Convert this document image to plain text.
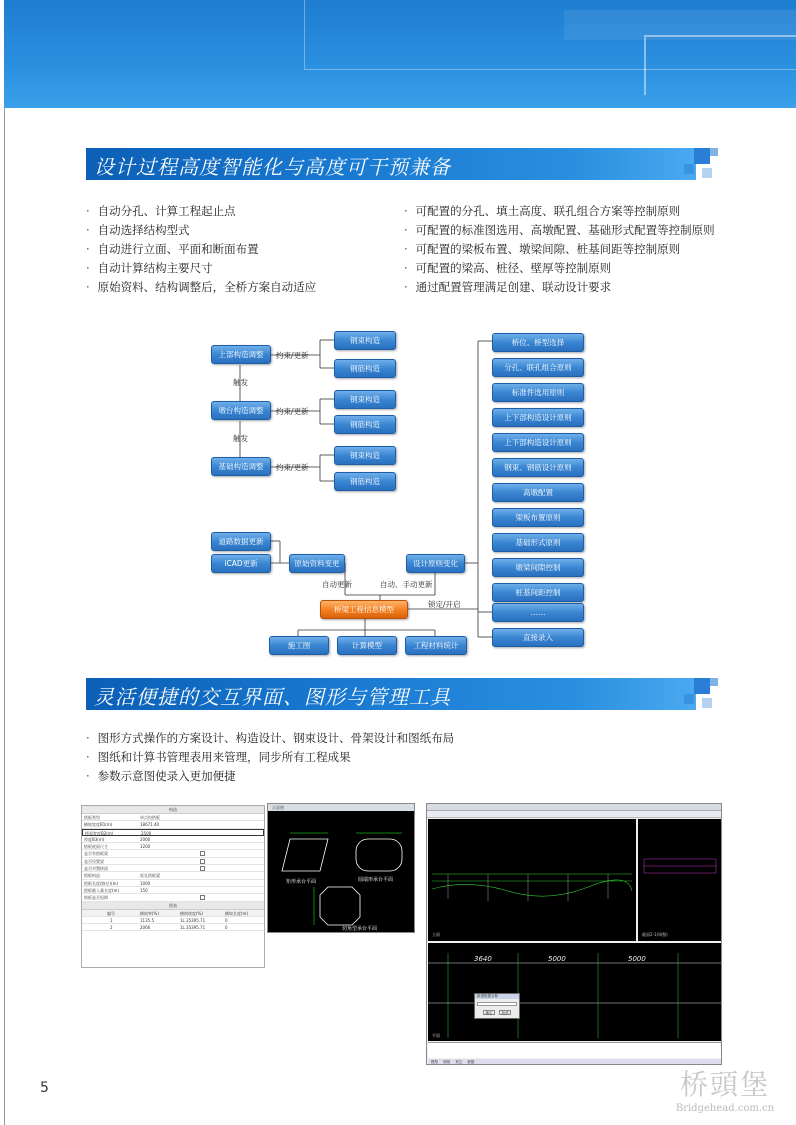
设计过程高度智能化与高度可干预兼备
· 自动分孔、计算工程起止点
· 自动选择结构型式
· 自动进行立面、平面和断面布置
· 自动计算结构主要尺寸
· 原始资料、结构调整后，全桥方案自动适应
· 可配置的分孔、填土高度、联孔组合方案等控制原则
· 可配置的标准图选用、高墩配置、基础形式配置等控制原则
· 可配置的梁板布置、墩梁间隙、桩基间距等控制原则
· 可配置的梁高、桩径、壁厚等控制原则
· 通过配置管理满足创建、联动设计要求
上部构造调整
墩台构造调整
基础构造调整
约束/更新
约束/更新
约束/更新
触发
触发
钢束构造
钢筋构造
钢束构造
钢筋构造
钢束构造
钢筋构造
桥位、桥型选择
分孔、联孔组合原则
标准件选用原则
上下部构造设计原则
上下部构造设计原则
钢束、钢筋设计原则
高墩配置
梁板布置原则
基础形式原则
墩梁间隙控制
桩基间距控制
……
直接录入
道路数据更新
iCAD更新	原始资料变更	设计原则变化
自动更新	自动、手动更新
锁定/开启
桥梁工程信息模型
施工图	计算模型	工程材料统计
灵活便捷的交互界面、图形与管理工具
· 图形方式操作的方案设计、构造设计、钢束设计、骨架设计和图纸布局
· 图纸和计算书管理表用来管理，同步所有工程成果
· 参数示意图使录入更加便捷
构造
搭板类型	单点铰搭板
横坡宽度B1(m)	18671.40
桥面宽度B2(m)	2500
厚度B3(m)	2000
搭板底面尺寸	1200
是否有搭板梁
是否设置梁
是否对置桥面
搭板构造	矩孔搭板梁
搭板长度(路径)(m)	1000
搭板截入量长度(m)	150
搭板是否短期
图表
编号	横坡率(%)	横坡坡度(%)	横坡长度(m)
1	1135.5	1L.35395.71	0
2	2066	1L.35395.71	0
示意图
矩形承台平面	圆端形承台平面
切角型承台平面
立面	截面2-1(调整)
3640	5000	5000
平面
新建配置名称
确定	取消
模型 图纸 其它 数据
5	桥頭堡
Bridgehead.com.cn
